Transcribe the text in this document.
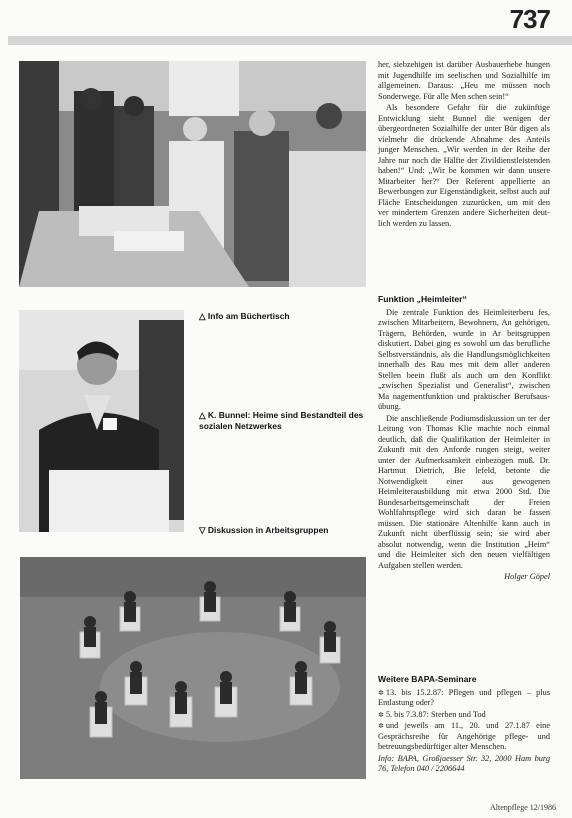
737
△ Info am Büchertisch
△ K. Bunnel: Heime sind Bestandteil des sozialen Netzwerkes
▽ Diskussion in Arbeitsgruppen

her, siebzehigen ist darüber Ausbauerhebe hungen mit Jugendhilfe im seelischen und Sozialhilfe im allgemeinen. Daraus: „Heu me müssen noch Sonderwege. Für alle Men schen sein!“

Als besondere Gefahr für die zukünftige Entwicklung sieht Bunnel die wenigen der übergeordneten Sozialhilfe der unter Bür digen als vielmehr die drückende Abnahme des Anteils junger Menschen. „Wir werden in der Reihe der Jahre nur noch die Hälfte der Zivildienstleistenden haben!“ Und: „Wir be kommen wir dann unsere Mitarbeiter her?“ Der Referent appellierte an Bewerbungen zur Eigenständigkeit, selbst auch auf Fläche Entscheidungen zuzurücken, um mit den ver mindertem Grenzen andere Sicherheiten deut lich werden zu lassen.

Funktion „Heimleiter“

Die zentrale Funktion des Heimleiterberu fes, zwischen Mitarbeitern, Bewohnern, An gehörigen, Trägern, Behörden, wurde in Ar beitsgruppen diskutiert. Dabei ging es sowohl um das berufliche Selbstverständnis, als die Handlungsmöglichkeiten innerhalb des Rau mes mit dem aller anderen Stellen beein flußt als auch um den Konflikt „zwischen Spezialist und Generalist“, zwischen Ma nagementfunktion und praktischer Berufsaus übung.

Die anschließende Podiumsdiskussion un ter der Leitung von Thomas Klie machte noch einmal deutlich, daß die Qualifikation der Heimleiter in Zukunft mit den Anforde rungen steigt, weiter unter der Aufmerksamkeit einbezogen muß. Dr. Hartmut Dietrich, Bie lefeld, betonte die Notwendigkeit einer aus gewogenen Heimleiterausbildung mit etwa 2000 Std. Die Bundesarbeitsgemeinschaft der Freien Wohlfahrtspflege wird sich daran be fassen müssen. Die stationäre Altenhilfe kann auch in Zukunft nicht überflüssig sein; sie wird aber absolut notwendig, wenn die Institution „Heim“ und die Heimleiter sich den neuen vielfältigen Aufgaben stellen werden.

Holger Göpel
Weitere BAPA-Seminare

✲ 13. bis 15.2.87: Pflegen und pflegen – plus Entlastung oder?

✲ 5. bis 7.3.87: Sterben und Tod

✲ und jeweils am 11., 20. und 27.1.87 eine Gesprächsreihe für Angehörige pflege- und betreuungsbedürftiger alter Menschen.

Info: BAPA, Großjaesser Str. 32, 2000 Ham burg 76, Telefon 040 / 2206644

Altenpflege 12/1986
